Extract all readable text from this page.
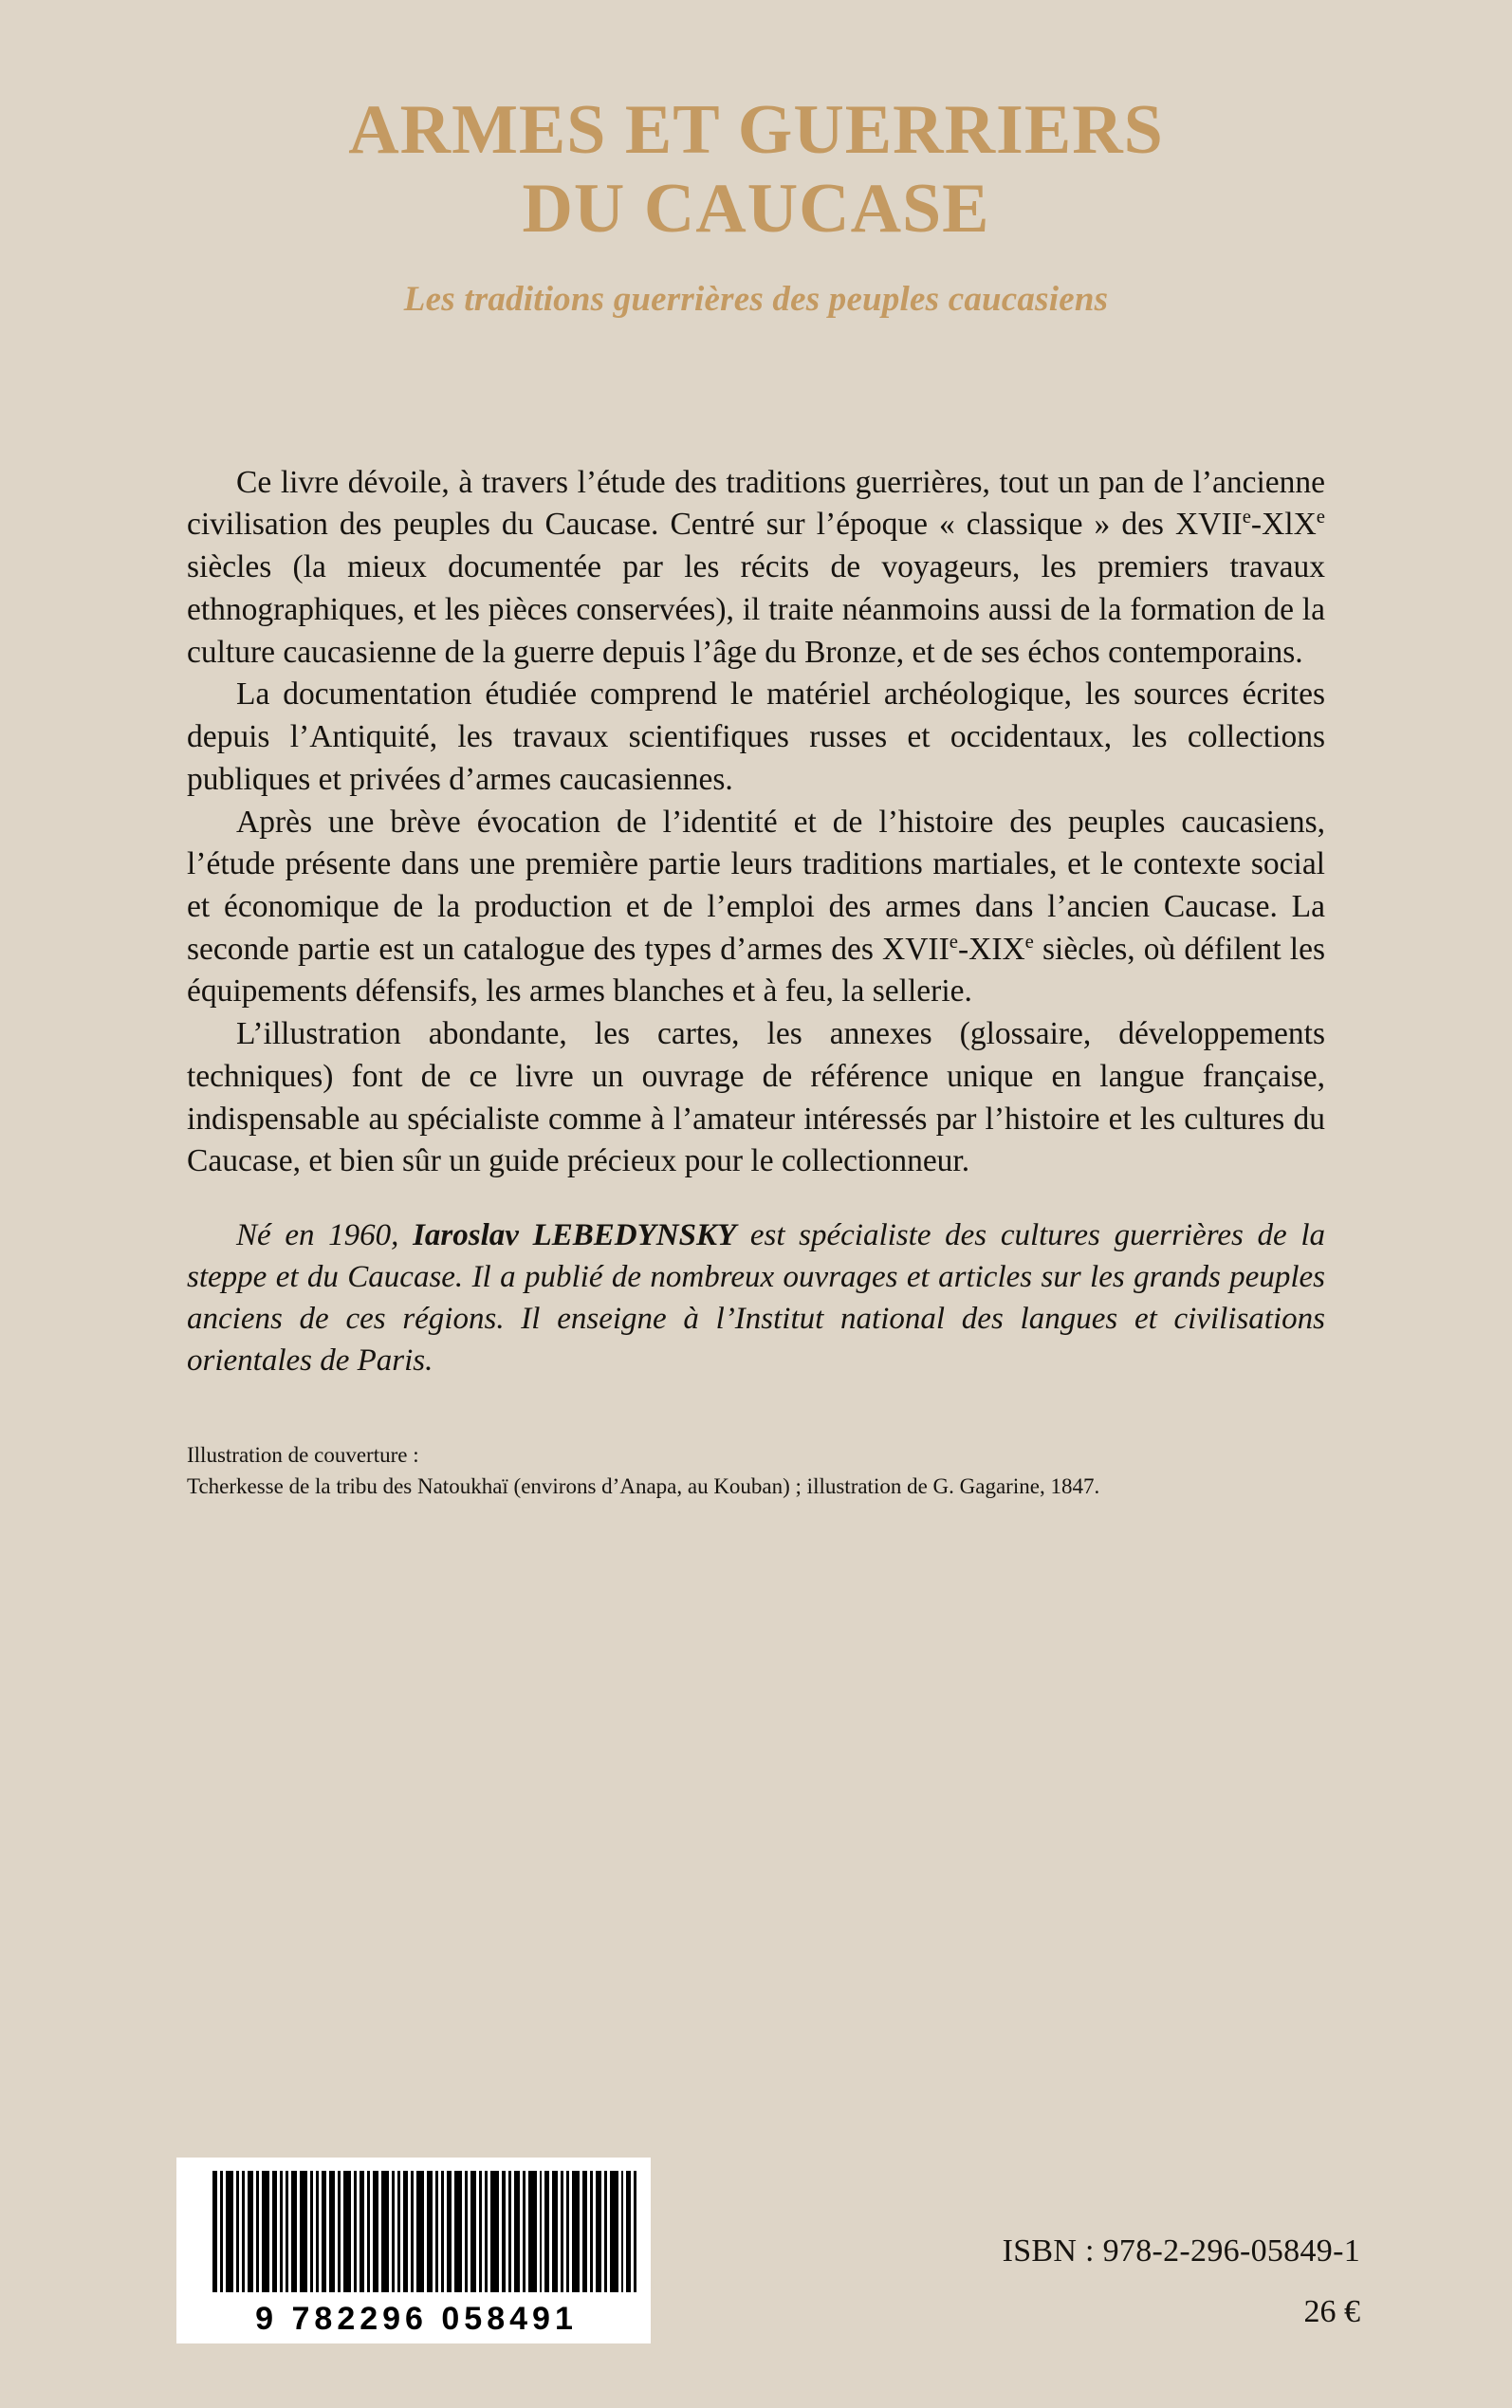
ARMES ET GUERRIERS
DU CAUCASE
Les traditions guerrières des peuples caucasiens

Ce livre dévoile, à travers l’étude des traditions guerrières, tout un pan de l’ancienne civilisation des peuples du Caucase. Centré sur l’époque « classique » des XVIIe-XlX$^e$ siècles (la mieux documentée par les récits de voyageurs, les premiers travaux ethnographiques, et les pièces conservées), il traite néanmoins aussi de la formation de la culture caucasienne de la guerre depuis l’âge du Bronze, et de ses échos contemporains.

La documentation étudiée comprend le matériel archéologique, les sources écrites depuis l’Antiquité, les travaux scientifiques russes et occidentaux, les collections publiques et privées d’armes caucasiennes.

Après une brève évocation de l’identité et de l’histoire des peuples caucasiens, l’étude présente dans une première partie leurs traditions martiales, et le contexte social et économique de la production et de l’emploi des armes dans l’ancien Caucase. La seconde partie est un catalogue des types d’armes des XVIIe-XIXe siècles, où défilent les équipements défensifs, les armes blanches et à feu, la sellerie.

L’illustration abondante, les cartes, les annexes (glossaire, développements techniques) font de ce livre un ouvrage de référence unique en langue française, indispensable au spécialiste comme à l’amateur intéressés par l’histoire et les cultures du Caucase, et bien sûr un guide précieux pour le collectionneur.

Né en 1960, Iaroslav LEBEDYNSKY est spécialiste des cultures guerrières de la steppe et du Caucase. Il a publié de nombreux ouvrages et articles sur les grands peuples anciens de ces régions. Il enseigne à l’Institut national des langues et civilisations orientales de Paris.

Illustration de couverture :
Tcherkesse de la tribu des Natoukhaï (environs d’Anapa, au Kouban) ; illustration de G. Gagarine, 1847.
9 782296 058491
ISBN : 978-2-296-05849-1
26 €
